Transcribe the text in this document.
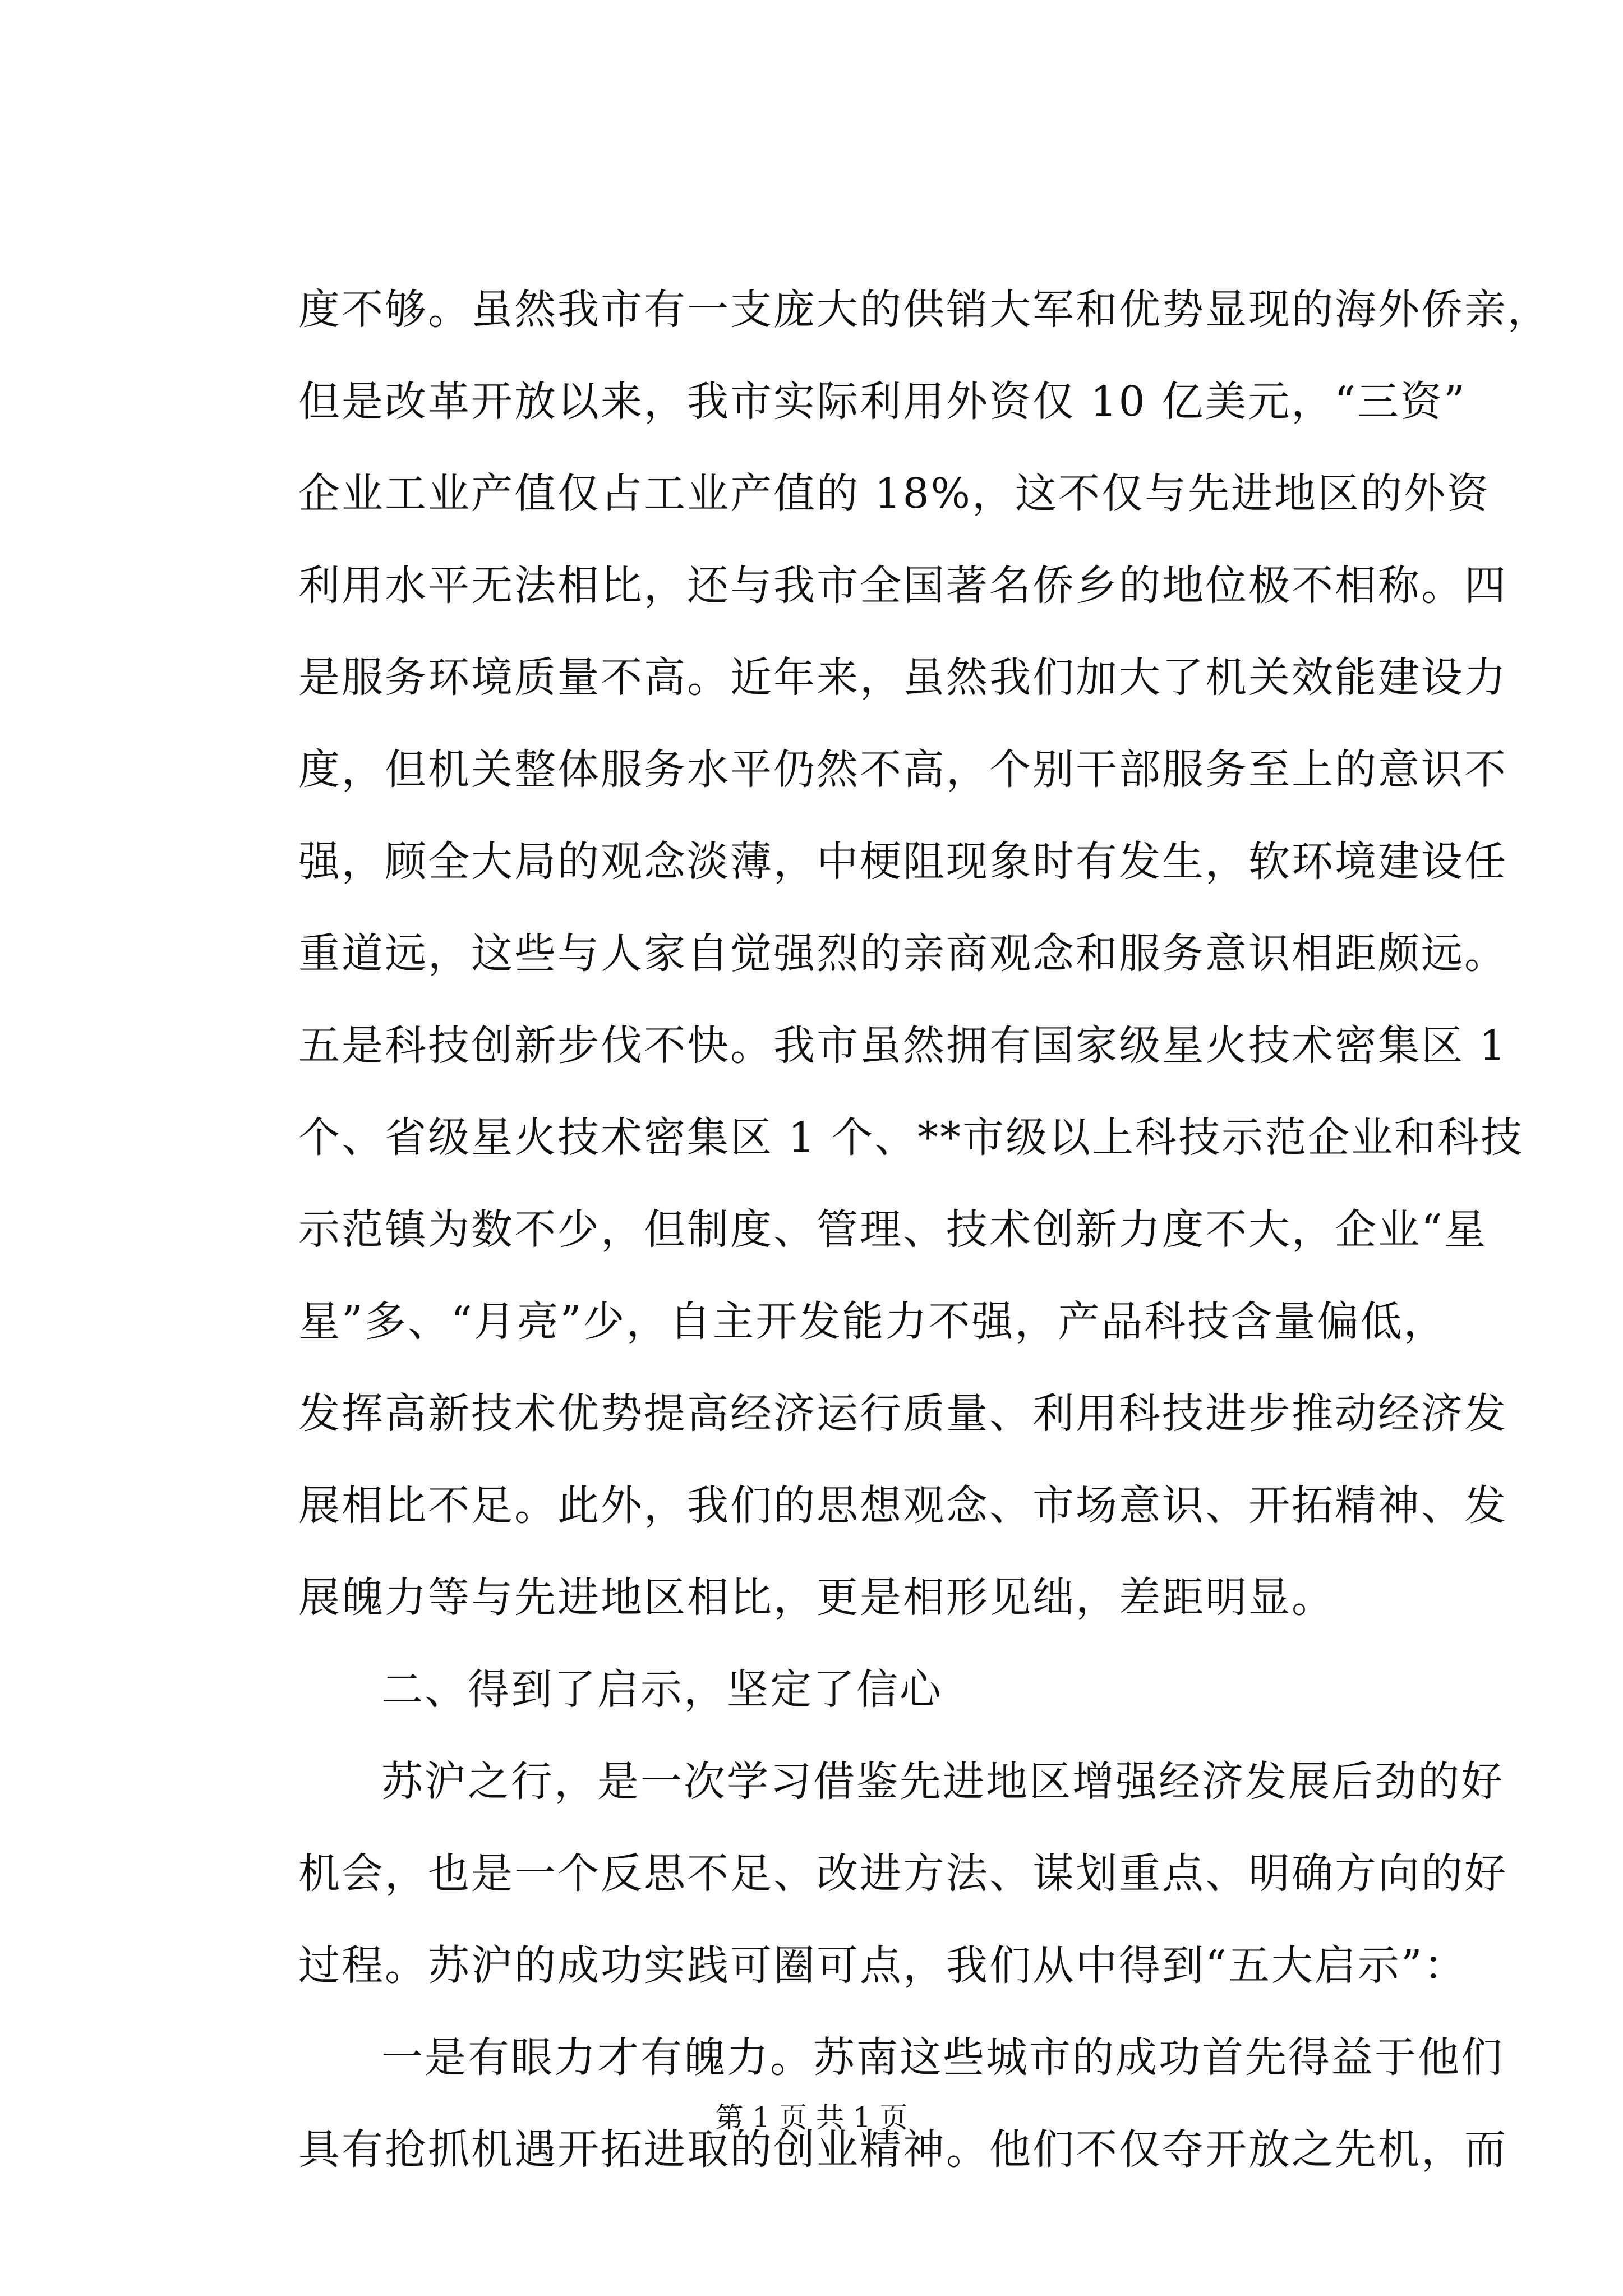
度不够。虽然我市有一支庞大的供销大军和优势显现的海外侨亲，
但是改革开放以来，我市实际利用外资仅 10 亿美元，“三资”
企业工业产值仅占工业产值的 18%，这不仅与先进地区的外资
利用水平无法相比，还与我市全国著名侨乡的地位极不相称。四
是服务环境质量不高。近年来，虽然我们加大了机关效能建设力
度，但机关整体服务水平仍然不高，个别干部服务至上的意识不
强，顾全大局的观念淡薄，中梗阻现象时有发生，软环境建设任
重道远，这些与人家自觉强烈的亲商观念和服务意识相距颇远。
五是科技创新步伐不快。我市虽然拥有国家级星火技术密集区 1
个、省级星火技术密集区 1 个、**市级以上科技示范企业和科技
示范镇为数不少，但制度、管理、技术创新力度不大，企业“星
星”多、“月亮”少，自主开发能力不强，产品科技含量偏低，
发挥高新技术优势提高经济运行质量、利用科技进步推动经济发
展相比不足。此外，我们的思想观念、市场意识、开拓精神、发
展魄力等与先进地区相比，更是相形见绌，差距明显。
二、得到了启示，坚定了信心
苏沪之行，是一次学习借鉴先进地区增强经济发展后劲的好
机会，也是一个反思不足、改进方法、谋划重点、明确方向的好
过程。苏沪的成功实践可圈可点，我们从中得到“五大启示”：
一是有眼力才有魄力。苏南这些城市的成功首先得益于他们
具有抢抓机遇开拓进取的创业精神。他们不仅夺开放之先机，而
第 1 页 共 1 页
